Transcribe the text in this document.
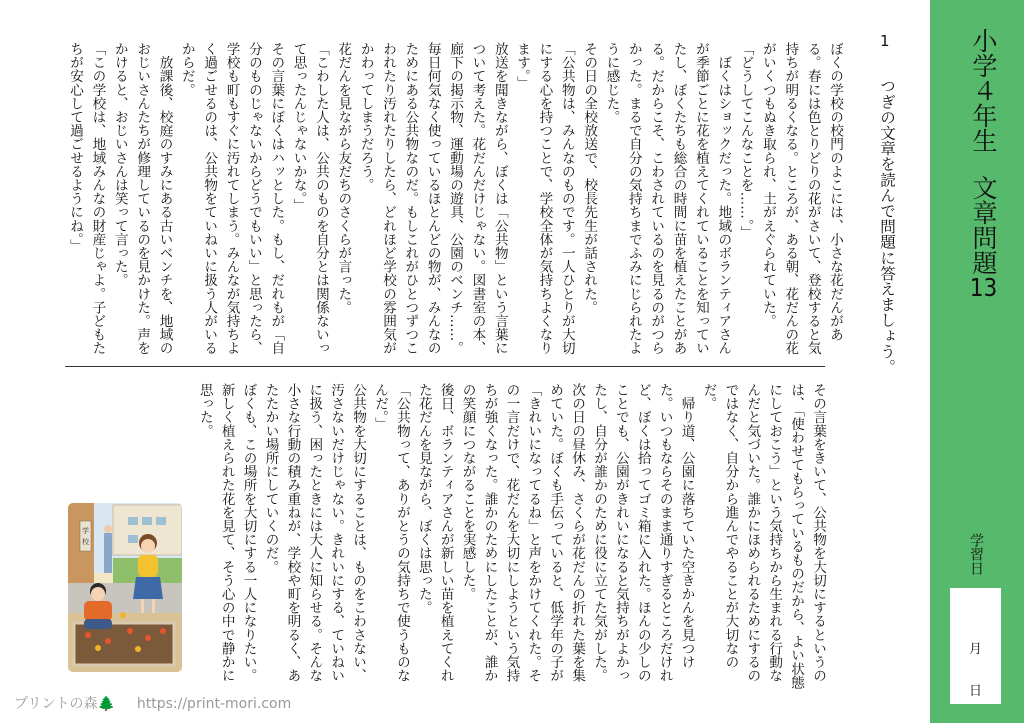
ぼくの学校の校門のよこには、小さな花だんがあ
る。春には色とりどりの花がさいて、登校すると気
持ちが明るくなる。ところが、ある朝、花だんの花
がいくつもぬき取られ、土がえぐられていた。
「どうしてこんなことを……。」
　ぼくはショックだった。地域のボランティアさん
が季節ごとに花を植えてくれていることを知ってい
たし、ぼくたちも総合の時間に苗を植えたことがあ
る。だからこそ、こわされているのを見るのがつら
かった。まるで自分の気持ちまでふみにじられたよ
うに感じた。
その日の全校放送で、校長先生が話された。
「公共物は、みんなのものです。一人ひとりが大切
にする心を持つことで、学校全体が気持ちよくなり
ます。」
放送を聞きながら、ぼくは「公共物」という言葉に
ついて考えた。花だんだけじゃない。図書室の本、
廊下の掲示物、運動場の遊具、公園のベンチ……。
毎日何気なく使っているほとんどの物が、みんなの
ためにある公共物なのだ。もしこれがひとつずつこ
われたり汚れたりしたら、どれほど学校の雰囲気が
かわってしまうだろう。
花だんを見ながら友だちのさくらが言った。
「こわした人は、公共のものを自分とは関係ないっ
て思ったんじゃないかな。」
その言葉にぼくはハッとした。もし、だれもが「自
分のものじゃないからどうでもいい」と思ったら、
学校も町もすぐに汚れてしまう。みんなが気持ちよ
く過ごせるのは、公共物をていねいに扱う人がいる
からだ。
　放課後、校庭のすみにある古いベンチを、地域の
おじいさんたちが修理しているのを見かけた。声を
かけると、おじいさんは笑って言った。
「この学校は、地域みんなの財産じゃよ。子どもた
ちが安心して過ごせるようにね。」
その言葉をきいて、公共物を大切にするというの
は、「使わせてもらっているものだから、よい状態
にしておこう」という気持ちから生まれる行動な
んだと気づいた。誰かにほめられるためにするの
ではなく、自分から進んでやることが大切なの
だ。
　帰り道、公園に落ちていた空きかんを見つけ
た。いつもならそのまま通りすぎるところだけれ
ど、ぼくは拾ってゴミ箱に入れた。ほんの少しの
ことでも、公園がきれいになると気持ちがよかっ
たし、自分が誰かのために役に立てた気がした。
次の日の昼休み、さくらが花だんの折れた葉を集
めていた。ぼくも手伝っていると、低学年の子が
「きれいになってるね」と声をかけてくれた。そ
の一言だけで、花だんを大切にしようという気持
ちが強くなった。誰かのためにしたことが、誰か
の笑顔につながることを実感した。
後日、ボランティアさんが新しい苗を植えてくれ
た花だんを見ながら、ぼくは思った。
「公共物って、ありがとうの気持ちで使うものな
んだ。」
公共物を大切にすることは、ものをこわさない、
汚さないだけじゃない。きれいにする、ていねい
に扱う、困ったときには大人に知らせる。そんな
小さな行動の積み重ねが、学校や町を明るく、あ
たたかい場所にしていくのだ。
ぼくも、この場所を大切にする一人になりたい。
新しく植えられた花を見て、そう心の中で静かに
思った。
1
つぎの文章を読んで問題に答えましょう。	小学４年生文章問題13
学習日
月
日
学
校
プリントの森🌲 https://print-mori.com
